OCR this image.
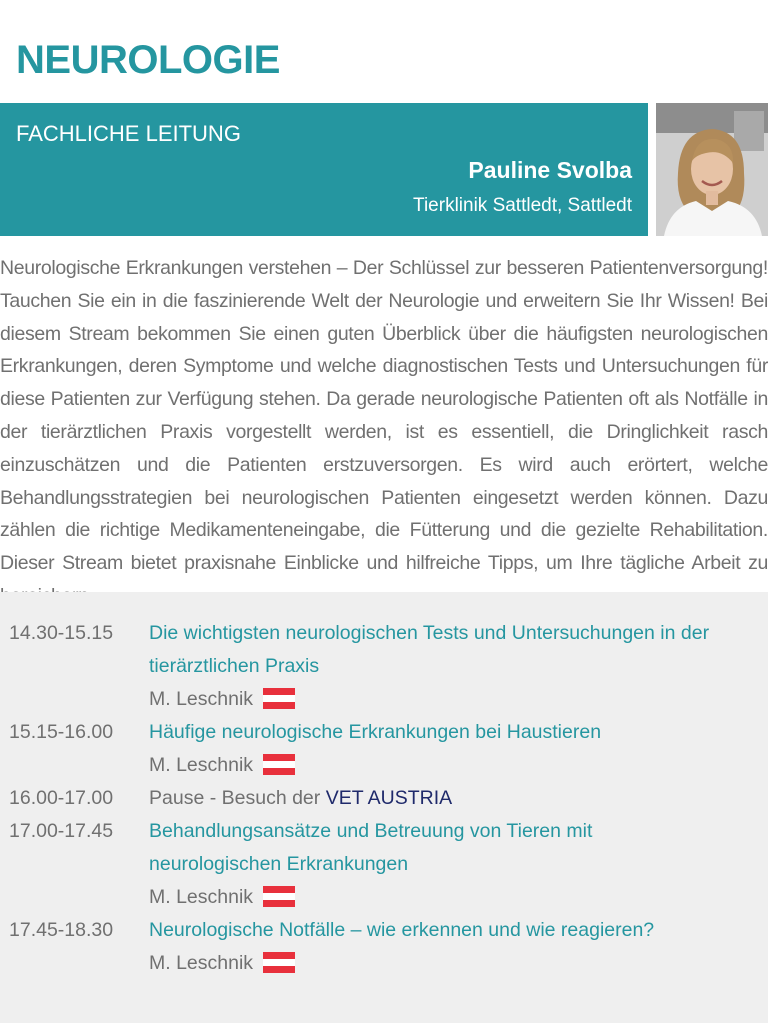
NEUROLOGIE
FACHLICHE LEITUNG
Pauline Svolba
Tierklinik Sattledt, Sattledt

Neurologische Erkrankungen verstehen – Der Schlüssel zur besseren Patientenversorgung! Tauchen Sie ein in die faszinierende Welt der Neurologie und erweitern Sie Ihr Wissen! Bei diesem Stream bekommen Sie einen guten Überblick über die häufigsten neurologischen Erkrankungen, deren Symptome und welche diagnostischen Tests und Untersuchungen für diese Patienten zur Verfügung stehen. Da gerade neurologische Patienten oft als Notfälle in der tierärztlichen Praxis vorgestellt werden, ist es essentiell, die Dringlichkeit rasch einzuschätzen und die Patienten erstzuversorgen. Es wird auch erörtert, welche Behandlungsstrategien bei neurologischen Patienten eingesetzt werden können. Dazu zählen die richtige Medikamenteneingabe, die Fütterung und die gezielte Rehabilitation. Dieser Stream bietet praxisnahe Einblicke und hilfreiche Tipps, um Ihre tägliche Arbeit zu

14.30-15.15 Die wichtigsten neurologischen Tests und Untersuchungen in der tierärztlichen Praxis
M. Leschnik
15.15-16.00 Häufige neurologische Erkrankungen bei Haustieren
M. Leschnik
16.00-17.00 Pause - Besuch der VET AUSTRIA
17.00-17.45 Behandlungsansätze und Betreuung von Tieren mit neurologischen Erkrankungen
M. Leschnik
17.45-18.30 Neurologische Notfälle – wie erkennen und wie reagieren?
M. Leschnik
